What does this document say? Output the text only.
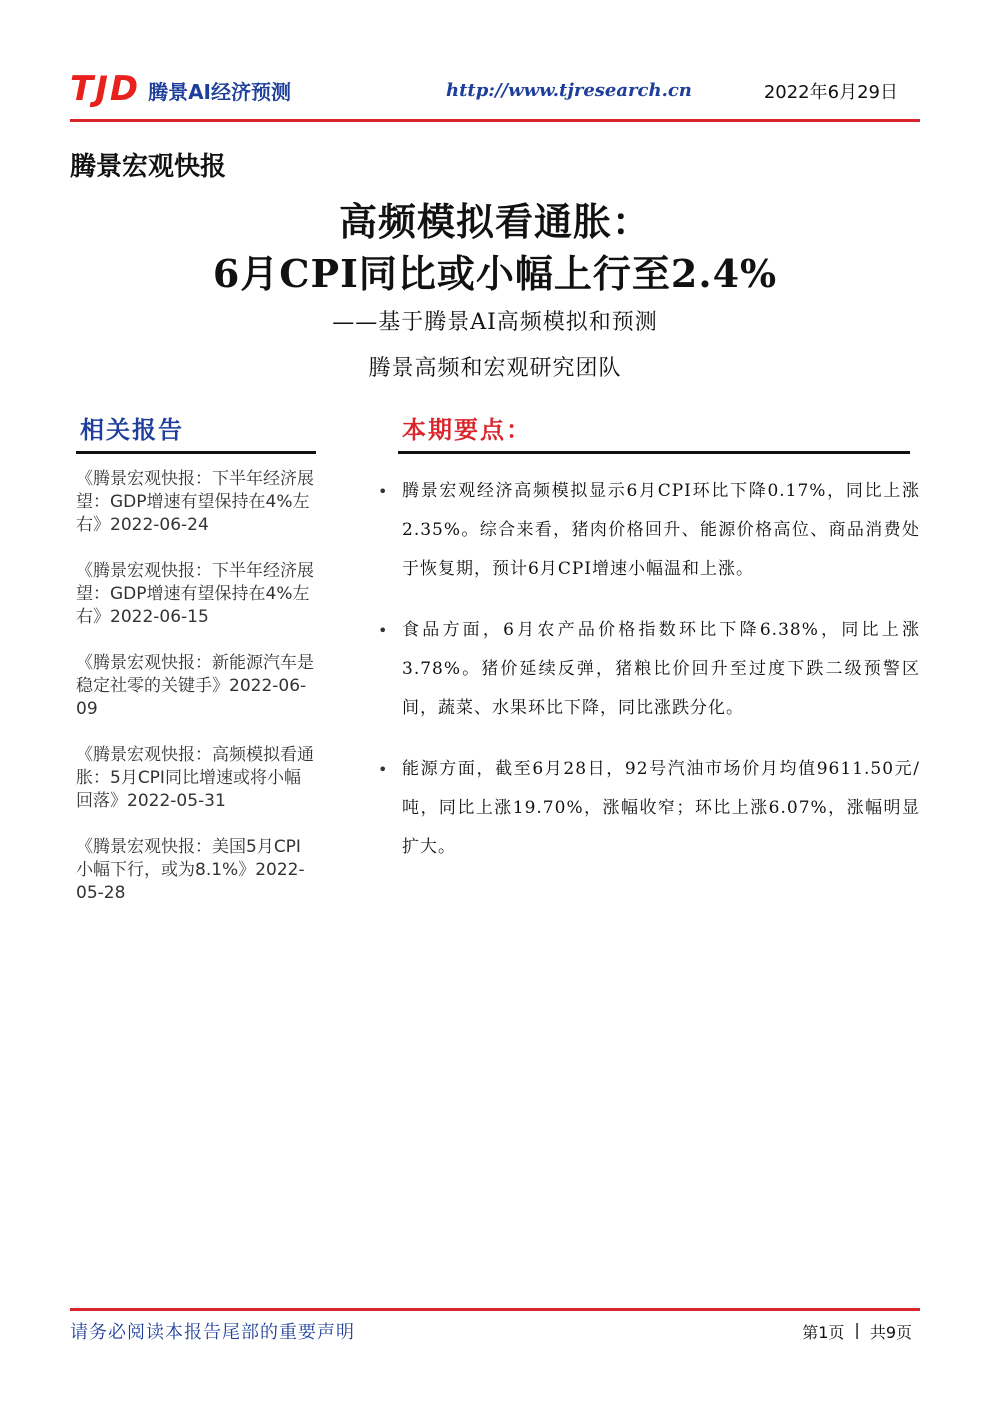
TJD 腾景AI经济预测	http://www.tjresearch.cn	2022年6月29日
腾景宏观快报
高频模拟看通胀：
6月CPI同比或小幅上行至2.4%
——基于腾景AI高频模拟和预测
腾景高频和宏观研究团队
相关报告
《腾景宏观快报：下半年经济展望：GDP增速有望保持在4%左右》2022-06-24
《腾景宏观快报：下半年经济展望：GDP增速有望保持在4%左右》2022-06-15
《腾景宏观快报：新能源汽车是稳定社零的关键手》2022-06-09
《腾景宏观快报：高频模拟看通胀：5月CPI同比增速或将小幅回落》2022-05-31
《腾景宏观快报：美国5月CPI小幅下行，或为8.1%》2022-05-28
本期要点：
• 腾景宏观经济高频模拟显示6月CPI环比下降0.17%，同比上涨2.35%。综合来看，猪肉价格回升、能源价格高位、商品消费处于恢复期，预计6月CPI增速小幅温和上涨。
• 食品方面，6月农产品价格指数环比下降6.38%，同比上涨3.78%。猪价延续反弹，猪粮比价回升至过度下跌二级预警区间，蔬菜、水果环比下降，同比涨跌分化。
• 能源方面，截至6月28日，92号汽油市场价月均值9611.50元/吨，同比上涨19.70%，涨幅收窄；环比上涨6.07%，涨幅明显扩大。
请务必阅读本报告尾部的重要声明	第1页 | 共9页
